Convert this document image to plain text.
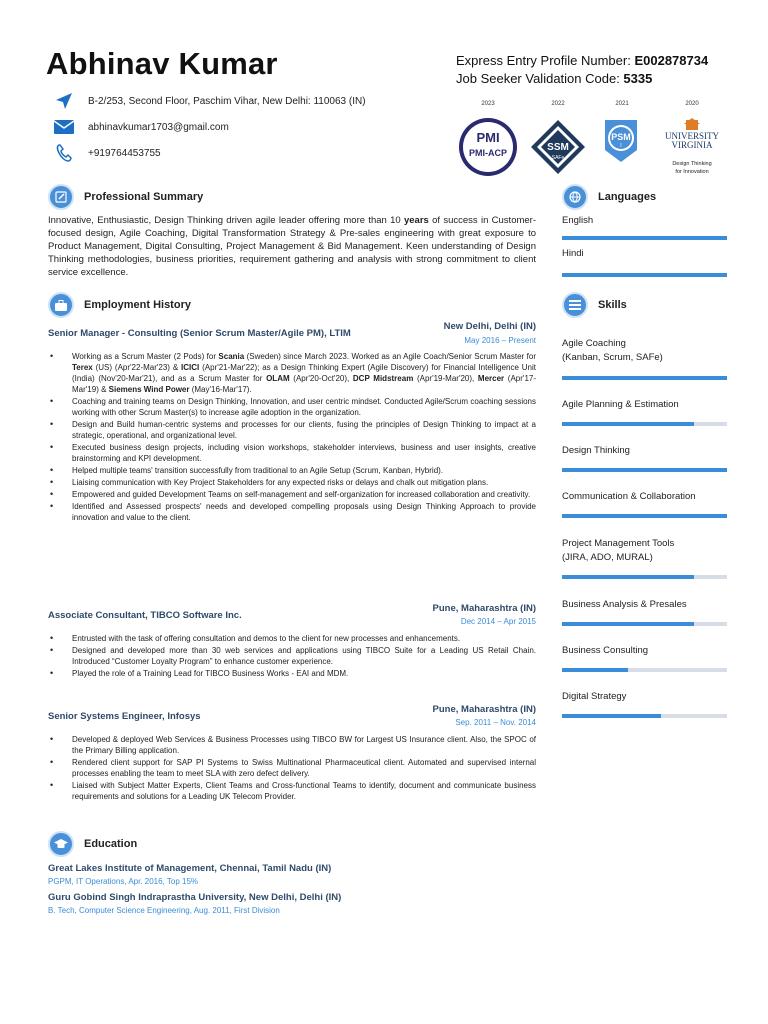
Abhinav Kumar	Express Entry Profile Number: E002878734
Job Seeker Validation Code: 5335
B-2/253, Second Floor, Paschim Vihar, New Delhi: 110063 (IN)
abhinavkumar1703@gmail.com
+919764453755
2023	2022	2021	2020
PMI
PMI-ACP	SSM
SAFe
PSM
I
UNIVERSITY
VIRGINIA
Design Thinking
for Innovation
Professional Summary
Innovative, Enthusiastic, Design Thinking driven agile leader offering more than 10 years of success in Customer-focused design, Agile Coaching, Digital Transformation Strategy & Pre-sales engineering with great exposure to Product Management, Digital Consulting, Project Management & Bid Management. Keen understanding of Design Thinking methodologies, business priorities, requirement gathering and analysis with strong commitment to client service excellence.
Employment History
Senior Manager - Consulting (Senior Scrum Master/Agile PM), LTIM
New Delhi, Delhi (IN)
May 2016 – Present
• Working as a Scrum Master (2 Pods) for Scania (Sweden) since March 2023. Worked as an Agile Coach/Senior Scrum Master for Terex (US) (Apr'22-Mar'23) & ICICI (Apr'21-Mar'22); as a Design Thinking Expert (Agile Discovery) for Financial Intelligence Unit (India) (Nov'20-Mar'21), and as a Scrum Master for OLAM (Apr'20-Oct'20), DCP Midstream (Apr'19-Mar'20), Mercer (Apr'17-Mar'19) & Siemens Wind Power (May'16-Mar'17).
• Coaching and training teams on Design Thinking, Innovation, and user centric mindset. Conducted Agile/Scrum coaching sessions working with other Scrum Master(s) to increase agile adoption in the organization.
• Design and Build human-centric systems and processes for our clients, fusing the principles of Design Thinking to impact at a strategic, operational, and organizational level.
• Executed business design projects, including vision workshops, stakeholder interviews, business and user insights, creative brainstorming and KPI development.
• Helped multiple teams' transition successfully from traditional to an Agile Setup (Scrum, Kanban, Hybrid).
• Liaising communication with Key Project Stakeholders for any expected risks or delays and chalk out mitigation plans.
• Empowered and guided Development Teams on self-management and self-organization for increased collaboration and creativity.
• Identified and Assessed prospects' needs and developed compelling proposals using Design Thinking Approach to provide innovation and value to the client.
Associate Consultant, TIBCO Software Inc.
Pune, Maharashtra (IN)
Dec 2014 – Apr 2015
• Entrusted with the task of offering consultation and demos to the client for new processes and enhancements.
• Designed and developed more than 30 web services and applications using TIBCO Suite for a Leading US Retail Chain. Introduced “Customer Loyalty Program” to enhance customer experience.
• Played the role of a Training Lead for TIBCO Business Works - EAI and MDM.
Senior Systems Engineer, Infosys
Pune, Maharashtra (IN)
Sep. 2011 – Nov. 2014
• Developed & deployed Web Services & Business Processes using TIBCO BW for Largest US Insurance client. Also, the SPOC of the Primary Billing application.
• Rendered client support for SAP PI Systems to Swiss Multinational Pharmaceutical client. Automated and supervised internal processes enabling the team to meet SLA with zero defect delivery.
• Liaised with Subject Matter Experts, Client Teams and Cross-functional Teams to identify, document and communicate business requirements and solutions for a Leading UK Telecom Provider.
Education
Great Lakes Institute of Management, Chennai, Tamil Nadu (IN)
PGPM, IT Operations, Apr. 2016, Top 15%
Guru Gobind Singh Indraprastha University, New Delhi, Delhi (IN)
B. Tech, Computer Science Engineering, Aug. 2011, First Division
Languages
English
Hindi
Skills
Agile Coaching
(Kanban, Scrum, SAFe)
Agile Planning & Estimation
Design Thinking
Communication & Collaboration
Project Management Tools
(JIRA, ADO, MURAL)
Business Analysis & Presales
Business Consulting
Digital Strategy
